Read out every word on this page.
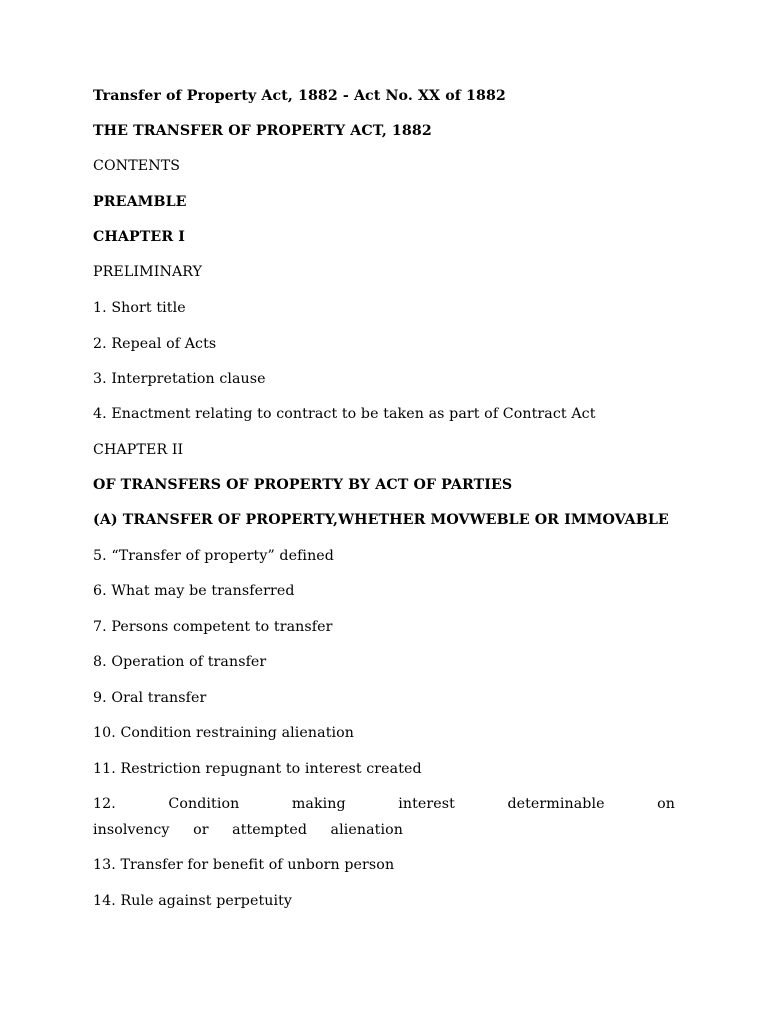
Transfer of Property Act, 1882 - Act No. XX of 1882
THE TRANSFER OF PROPERTY ACT, 1882
CONTENTS
PREAMBLE
CHAPTER I
PRELIMINARY
1. Short title
2. Repeal of Acts
3. Interpretation clause
4. Enactment relating to contract to be taken as part of Contract Act
CHAPTER II
OF TRANSFERS OF PROPERTY BY ACT OF PARTIES
(A) TRANSFER OF PROPERTY,WHETHER MOVWEBLE OR IMMOVABLE
5. “Transfer of property” defined
6. What may be transferred
7. Persons competent to transfer
8. Operation of transfer
9. Oral transfer
10. Condition restraining alienation
11. Restriction repugnant to interest created
12. Condition making interest determinable on
insolvency or attempted alienation
13. Transfer for benefit of unborn person
14. Rule against perpetuity
